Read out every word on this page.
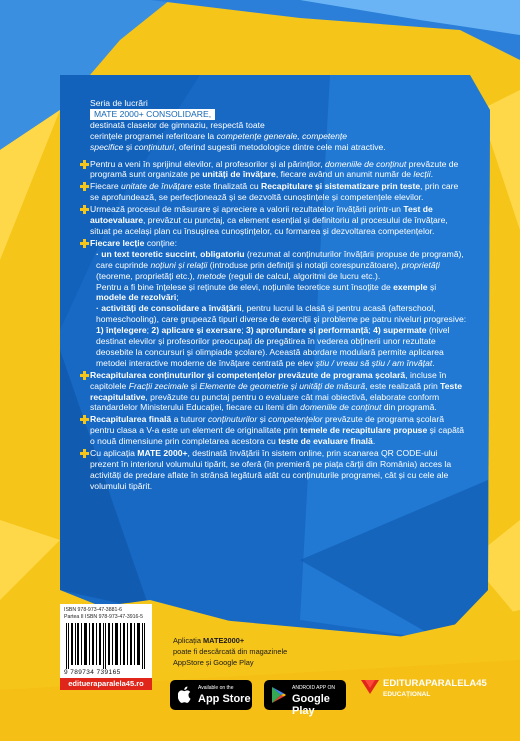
Seria de lucrări
MATE 2000+ CONSOLIDARE,
destinată claselor de gimnaziu, respectă toate
cerințele programei referitoare la competențe generale, competențe
specifice și conținuturi, oferind sugestii metodologice dintre cele mai atractive.

Pentru a veni în sprijinul elevilor, al profesorilor și al părinților, domeniile de conținut prevăzute de programă sunt organizate pe unități de învățare, fiecare având un anumit număr de lecții.

Fiecare unitate de învățare este finalizată cu Recapitulare și sistematizare prin teste, prin care se aprofundează, se perfecționează și se dezvoltă cunoștințele și competențele elevilor.

Urmează procesul de măsurare și apreciere a valorii rezultatelor învățării printr-un Test de autoevaluare, prevăzut cu punctaj, ca element esențial și definitoriu al procesului de învățare, situat pe același plan cu însușirea cunoștințelor, cu formarea și dezvoltarea competențelor.

Fiecare lecție conține:

· un text teoretic succint, obligatoriu (rezumat al conținuturilor învățării propuse de programă), care cuprinde noțiuni și relații (introduse prin definiții și notații corespunzătoare), proprietăți (teoreme, proprietăți etc.), metode (reguli de calcul, algoritmi de lucru etc.).

Pentru a fi bine înțelese și reținute de elevi, noțiunile teoretice sunt însoțite de exemple și modele de rezolvări;

· activități de consolidare a învățării, pentru lucrul la clasă și pentru acasă (afterschool, homeschooling), care grupează tipuri diverse de exerciții și probleme pe patru niveluri progresive: 1) înțelegere; 2) aplicare și exersare; 3) aprofundare și performanță; 4) supermate (nivel destinat elevilor și profesorilor preocupați de pregătirea în vederea obținerii unor rezultate deosebite la concursuri și olimpiade școlare). Această abordare modulară permite aplicarea metodei interactive moderne de învățare centrată pe elev știu / vreau să știu / am învățat.

Recapitularea conținuturilor și competențelor prevăzute de programa școlară, incluse în capitolele Fracții zecimale și Elemente de geometrie și unități de măsură, este realizată prin Teste recapitulative, prevăzute cu punctaj pentru o evaluare cât mai obiectivă, elaborate conform standardelor Ministerului Educației, fiecare cu itemi din domeniile de conținut din programă.

Recapitularea finală a tuturor conținuturilor și competențelor prevăzute de programa școlară pentru clasa a V-a este un element de originalitate prin temele de recapitulare propuse și capătă o nouă dimensiune prin completarea acestora cu teste de evaluare finală.

Cu aplicația MATE 2000+, destinată învățării în sistem online, prin scanarea QR CODE-ului prezent în interiorul volumului tipărit, se oferă (în premieră pe piața cărții din România) acces la activități de predare aflate în strânsă legătură atât cu conținuturile programei, cât și cu cele ale volumului tipărit.

ISBN 978-973-47-3881-6
Partea II ISBN 978-973-47-3916-5
9 789734 739165
editueraparalela45.ro
Aplicația MATE2000+
poate fi descărcată din magazinele
AppStore și Google Play
Available on the
App Store
ANDROID APP ON
Google Play
EDITURAPARALELA45
EDUCAȚIONAL
